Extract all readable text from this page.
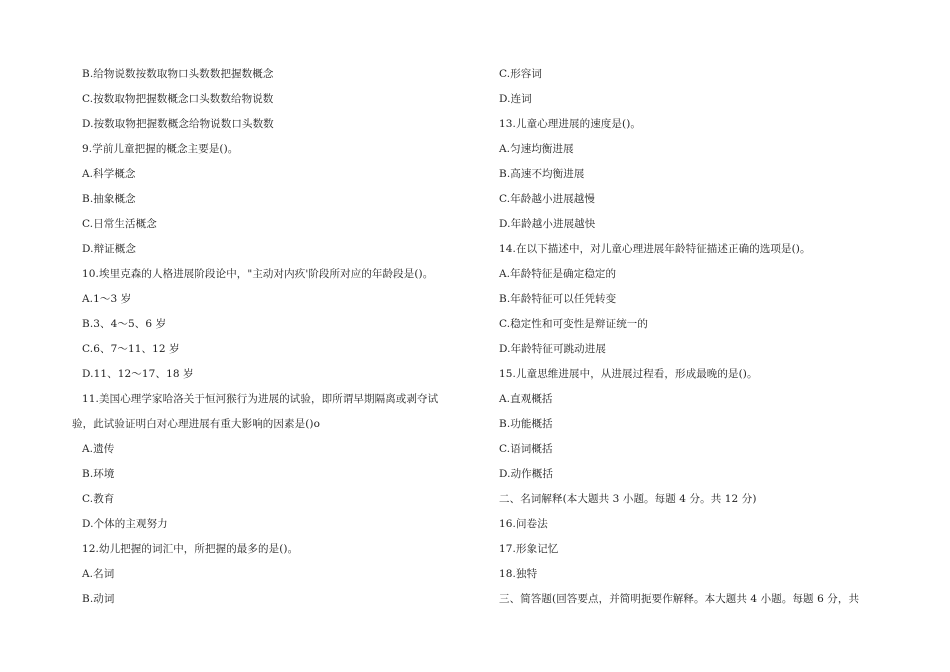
B.给物说数按数取物口头数数把握数概念
C.按数取物把握数概念口头数数给物说数
D.按数取物把握数概念给物说数口头数数
9.学前儿童把握的概念主要是()。
A.科学概念
B.抽象概念
C.日常生活概念
D.辩证概念
10.埃里克森的人格进展阶段论中，"主动对内疚'阶段所对应的年龄段是()。
A.1～3 岁
B.3、4～5、6 岁
C.6、7～11、12 岁
D.11、12～17、18 岁
11.美国心理学家哈洛关于恒河猴行为进展的试验，即所谓早期隔离或剥夺试
验，此试验证明白对心理进展有重大影响的因素是()o
A.遗传
B.环境
C.教育
D.个体的主观努力
12.幼儿把握的词汇中，所把握的最多的是()。
A.名词
B.动词
C.形容词
D.连词
13.儿童心理进展的速度是()。
A.匀速均衡进展
B.高速不均衡进展
C.年龄越小进展越慢
D.年龄越小进展越快
14.在以下描述中，对儿童心理进展年龄特征描述正确的选项是()。
A.年龄特征是确定稳定的
B.年龄特征可以任凭转变
C.稳定性和可变性是辩证统一的
D.年龄特征可跳动进展
15.儿童思维进展中，从进展过程看，形成最晚的是()。
A.直观概括
B.功能概括
C.语词概括
D.动作概括
二、名词解释(本大题共 3 小题。每题 4 分。共 12 分)
16.问卷法
17.形象记忆
18.独特
三、简答题(回答要点，并简明扼要作解释。本大题共 4 小题。每题 6 分，共
